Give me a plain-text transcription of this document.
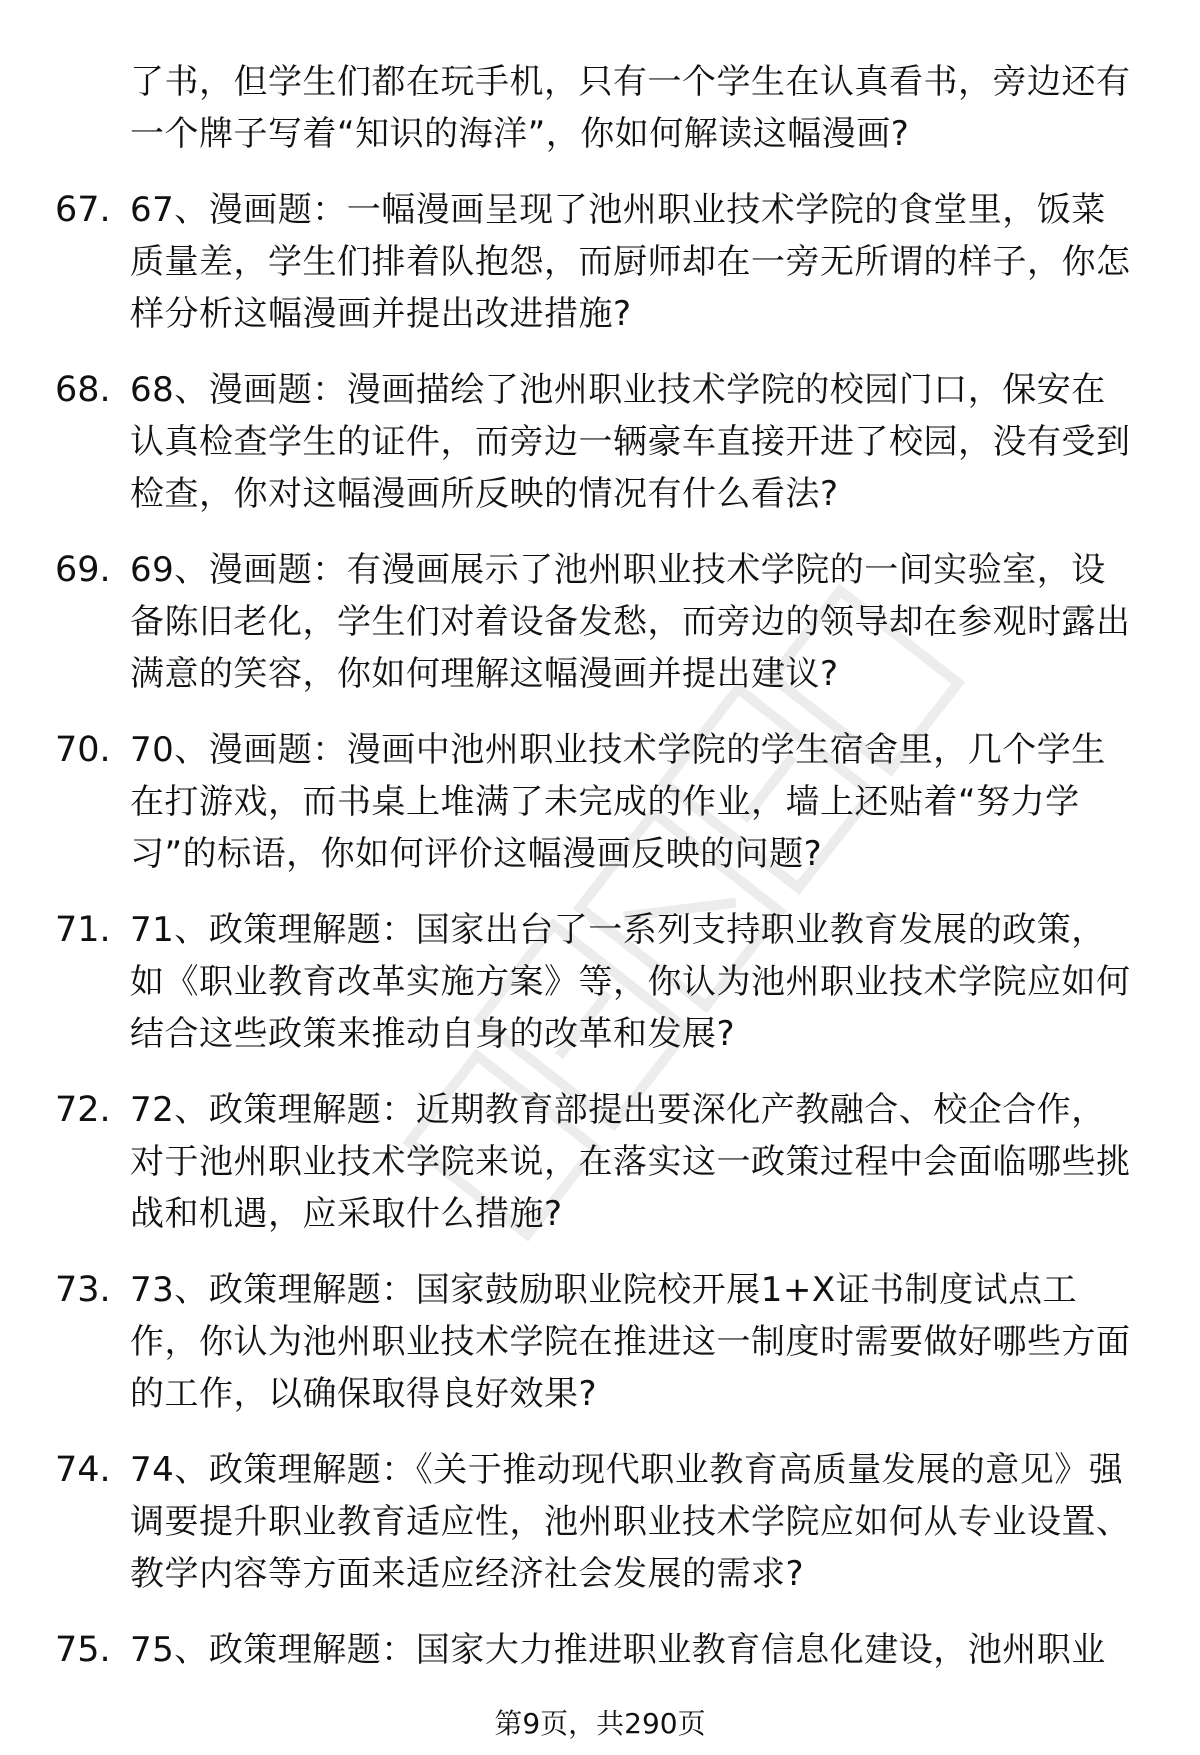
了书，但学生们都在玩手机，只有一个学生在认真看书，旁边还有一个牌子写着“知识的海洋”，你如何解读这幅漫画?
67. 67、漫画题：一幅漫画呈现了池州职业技术学院的食堂里，饭菜质量差，学生们排着队抱怨，而厨师却在一旁无所谓的样子，你怎样分析这幅漫画并提出改进措施?
68. 68、漫画题：漫画描绘了池州职业技术学院的校园门口，保安在认真检查学生的证件，而旁边一辆豪车直接开进了校园，没有受到检查，你对这幅漫画所反映的情况有什么看法?
69. 69、漫画题：有漫画展示了池州职业技术学院的一间实验室，设备陈旧老化，学生们对着设备发愁，而旁边的领导却在参观时露出满意的笑容，你如何理解这幅漫画并提出建议?
70. 70、漫画题：漫画中池州职业技术学院的学生宿舍里，几个学生在打游戏，而书桌上堆满了未完成的作业，墙上还贴着“努力学习”的标语，你如何评价这幅漫画反映的问题?
71. 71、政策理解题：国家出台了一系列支持职业教育发展的政策，如《职业教育改革实施方案》等，你认为池州职业技术学院应如何结合这些政策来推动自身的改革和发展?
72. 72、政策理解题：近期教育部提出要深化产教融合、校企合作，对于池州职业技术学院来说，在落实这一政策过程中会面临哪些挑战和机遇，应采取什么措施?
73. 73、政策理解题：国家鼓励职业院校开展1+X证书制度试点工作，你认为池州职业技术学院在推进这一制度时需要做好哪些方面的工作，以确保取得良好效果?
74. 74、政策理解题：《关于推动现代职业教育高质量发展的意见》强调要提升职业教育适应性，池州职业技术学院应如何从专业设置、教学内容等方面来适应经济社会发展的需求?
75. 75、政策理解题：国家大力推进职业教育信息化建设，池州职业
第9页，共290页
